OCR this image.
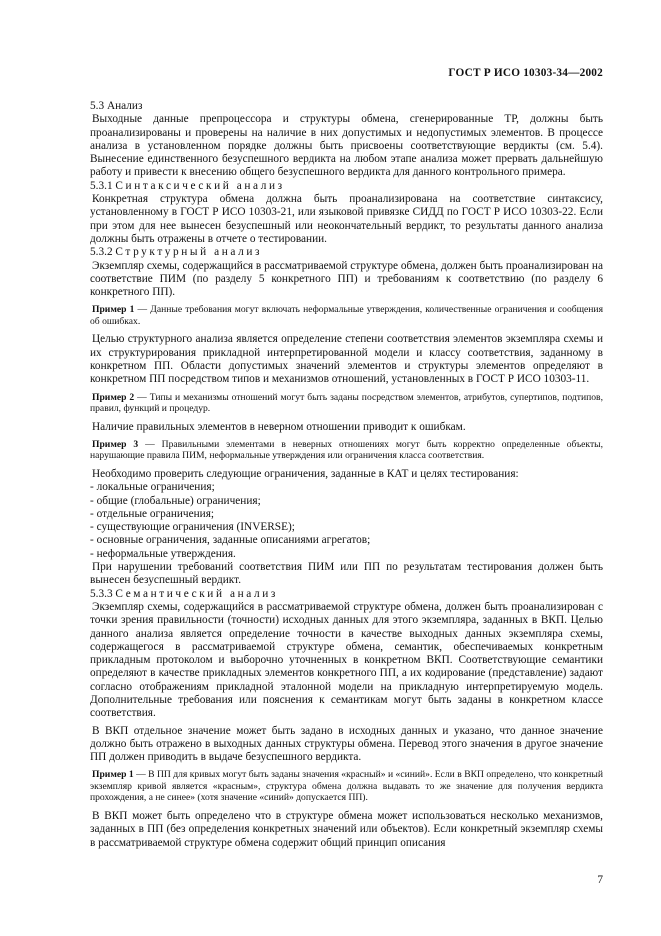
ГОСТ Р ИСО 10303-34—2002

5.3 Анализ

Выходные данные препроцессора и структуры обмена, сгенерированные ТР, должны быть проанализированы и проверены на наличие в них допустимых и недопустимых элементов. В процессе анализа в установленном порядке должны быть присвоены соответствующие вердикты (см. 5.4). Вынесение единственного безуспешного вердикта на любом этапе анализа может прервать дальнейшую работу и привести к внесению общего безуспешного вердикта для данного контрольного примера.

5.3.1 Синтаксический анализ

Конкретная структура обмена должна быть проанализирована на соответствие синтаксису, установленному в ГОСТ Р ИСО 10303-21, или языковой привязке СИДД по ГОСТ Р ИСО 10303-22. Если при этом для нее вынесен безуспешный или неокончательный вердикт, то результаты данного анализа должны быть отражены в отчете о тестировании.

5.3.2 Структурный анализ

Экземпляр схемы, содержащийся в рассматриваемой структуре обмена, должен быть проанализирован на соответствие ПИМ (по разделу 5 конкретного ПП) и требованиям к соответствию (по разделу 6 конкретного ПП).

Пример 1 — Данные требования могут включать неформальные утверждения, количественные ограничения и сообщения об ошибках.

Целью структурного анализа является определение степени соответствия элементов экземпляра схемы и их структурирования прикладной интерпретированной модели и классу соответствия, заданному в конкретном ПП. Области допустимых значений элементов и структуры элементов определяют в конкретном ПП посредством типов и механизмов отношений, установленных в ГОСТ Р ИСО 10303-11.

Пример 2 — Типы и механизмы отношений могут быть заданы посредством элементов, атрибутов, супертипов, подтипов, правил, функций и процедур.

Наличие правильных элементов в неверном отношении приводит к ошибкам.

Пример 3 — Правильными элементами в неверных отношениях могут быть корректно определенные объекты, нарушающие правила ПИМ, неформальные утверждения или ограничения класса соответствия.

Необходимо проверить следующие ограничения, заданные в КАТ и целях тестирования:

- локальные ограничения;
- общие (глобальные) ограничения;
- отдельные ограничения;
- существующие ограничения (INVERSE);
- основные ограничения, заданные описаниями агрегатов;
- неформальные утверждения.

При нарушении требований соответствия ПИМ или ПП по результатам тестирования должен быть вынесен безуспешный вердикт.

5.3.3 Семантический анализ

Экземпляр схемы, содержащийся в рассматриваемой структуре обмена, должен быть проанализирован с точки зрения правильности (точности) исходных данных для этого экземпляра, заданных в ВКП. Целью данного анализа является определение точности в качестве выходных данных экземпляра схемы, содержащегося в рассматриваемой структуре обмена, семантик, обеспечиваемых конкретным прикладным протоколом и выборочно уточненных в конкретном ВКП. Соответствующие семантики определяют в качестве прикладных элементов конкретного ПП, а их кодирование (представление) задают согласно отображениям прикладной эталонной модели на прикладную интерпретируемую модель. Дополнительные требования или пояснения к семантикам могут быть заданы в конкретном классе соответствия.

В ВКП отдельное значение может быть задано в исходных данных и указано, что данное значение должно быть отражено в выходных данных структуры обмена. Перевод этого значения в другое значение ПП должен приводить в выдаче безуспешного вердикта.

Пример 1 — В ПП для кривых могут быть заданы значения «красный» и «синий». Если в ВКП определено, что конкретный экземпляр кривой является «красным», структура обмена должна выдавать то же значение для получения вердикта прохождения, а не синее» (хотя значение «синий» допускается ПП).

В ВКП может быть определено что в структуре обмена может использоваться несколько механизмов, заданных в ПП (без определения конкретных значений или объектов). Если конкретный экземпляр схемы в рассматриваемой структуре обмена содержит общий принцип описания

7
